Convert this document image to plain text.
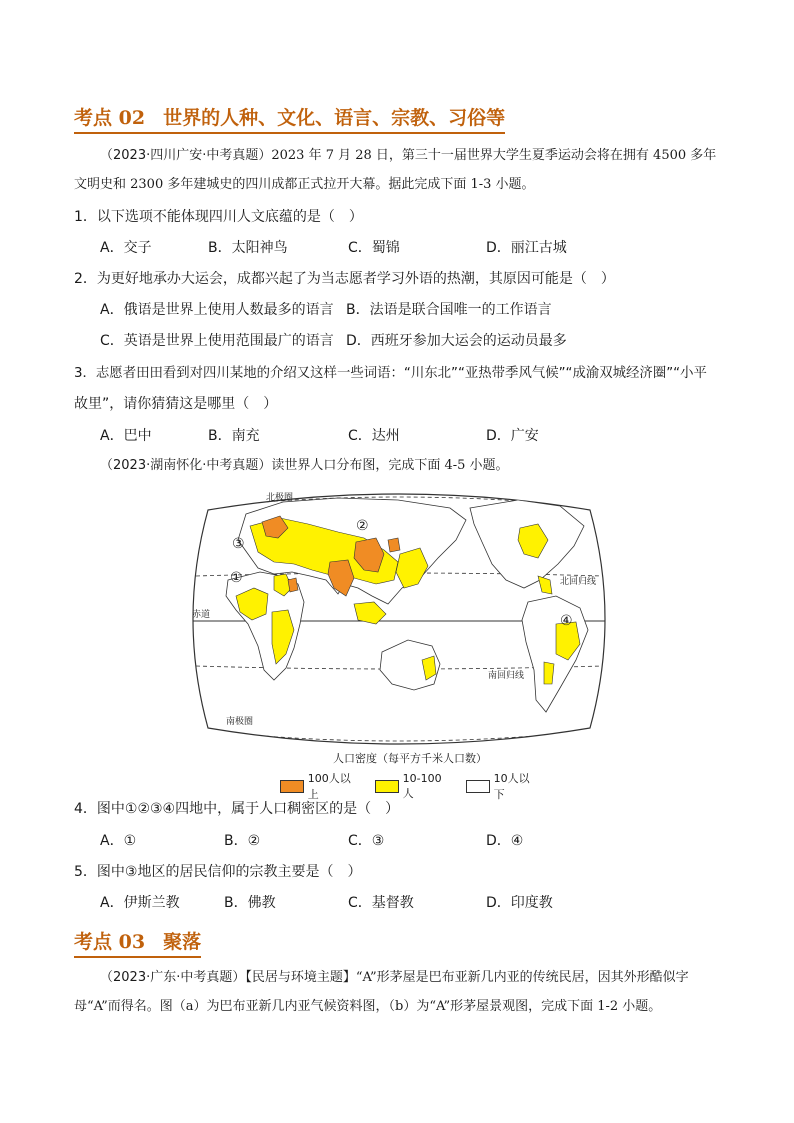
考点 02 世界的人种、文化、语言、宗教、习俗等
（2023·四川广安·中考真题）2023 年 7 月 28 日，第三十一届世界大学生夏季运动会将在拥有 4500 多年文明史和 2300 多年建城史的四川成都正式拉开大幕。据此完成下面 1-3 小题。
1．以下选项不能体现四川人文底蕴的是（　）
A．交子	B．太阳神鸟	C．蜀锦	D．丽江古城
2．为更好地承办大运会，成都兴起了为当志愿者学习外语的热潮，其原因可能是（　）
A．俄语是世界上使用人数最多的语言 B．法语是联合国唯一的工作语言
C．英语是世界上使用范围最广的语言 D．西班牙参加大运会的运动员最多
3．志愿者田田看到对四川某地的介绍又这样一些词语：“川东北”“亚热带季风气候”“成渝双城经济圈”“小平
故里”，请你猜猜这是哪里（　）
A．巴中	B．南充	C．达州	D．广安
（2023·湖南怀化·中考真题）读世界人口分布图，完成下面 4-5 小题。
北极圈
北回归线
赤道
南回归线
南极圈
①
②
③
④
人口密度（每平方千米人口数）
100人以上
10-100人
10人以下
4．图中①②③④四地中，属于人口稠密区的是（　）
A．①	B．②	C．③	D．④
5．图中③地区的居民信仰的宗教主要是（　）
A．伊斯兰教	B．佛教	C．基督教	D．印度教
考点 03 聚落
（2023·广东·中考真题）【民居与环境主题】“A”形茅屋是巴布亚新几内亚的传统民居，因其外形酷似字母“A”而得名。图（a）为巴布亚新几内亚气候资料图，（b）为“A”形茅屋景观图，完成下面 1-2 小题。
